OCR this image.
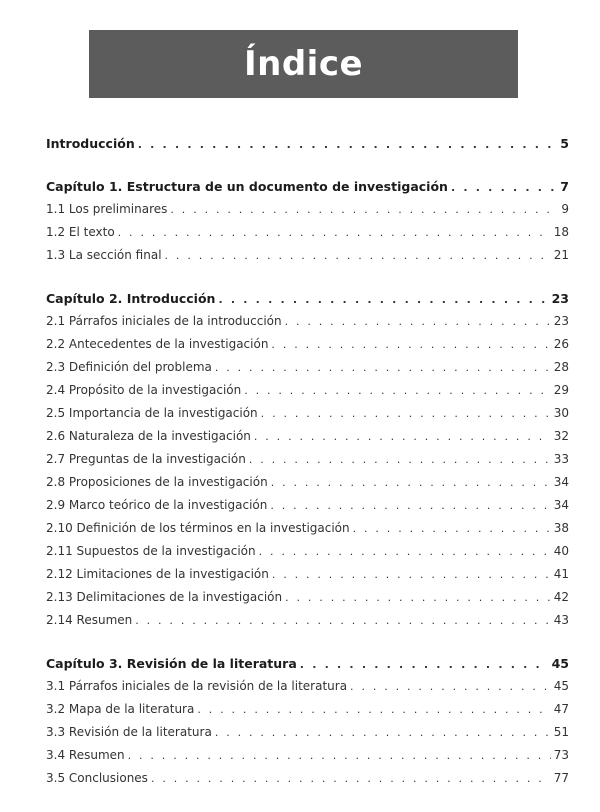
Índice
Introducción . . .	5
Capítulo 1. Estructura de un documento de investigación . . .	7
1.1 Los preliminares . . .	9
1.2 El texto . . .	18
1.3 La sección final . . .	21
Capítulo 2. Introducción . . .	23
2.1 Párrafos iniciales de la introducción . . .	23
2.2 Antecedentes de la investigación . . .	26
2.3 Definición del problema . . .	28
2.4 Propósito de la investigación . . .	29
2.5 Importancia de la investigación . . .	30
2.6 Naturaleza de la investigación . . .	32
2.7 Preguntas de la investigación . . .	33
2.8 Proposiciones de la investigación . . .	34
2.9 Marco teórico de la investigación . . .	34
2.10 Definición de los términos en la investigación . . .	38
2.11 Supuestos de la investigación . . .	40
2.12 Limitaciones de la investigación . . .	41
2.13 Delimitaciones de la investigación . . .	42
2.14 Resumen . . .	43
Capítulo 3. Revisión de la literatura . . .	45
3.1 Párrafos iniciales de la revisión de la literatura . . .	45
3.2 Mapa de la literatura . . .	47
3.3 Revisión de la literatura . . .	51
3.4 Resumen . . .	73
3.5 Conclusiones . . .	77
